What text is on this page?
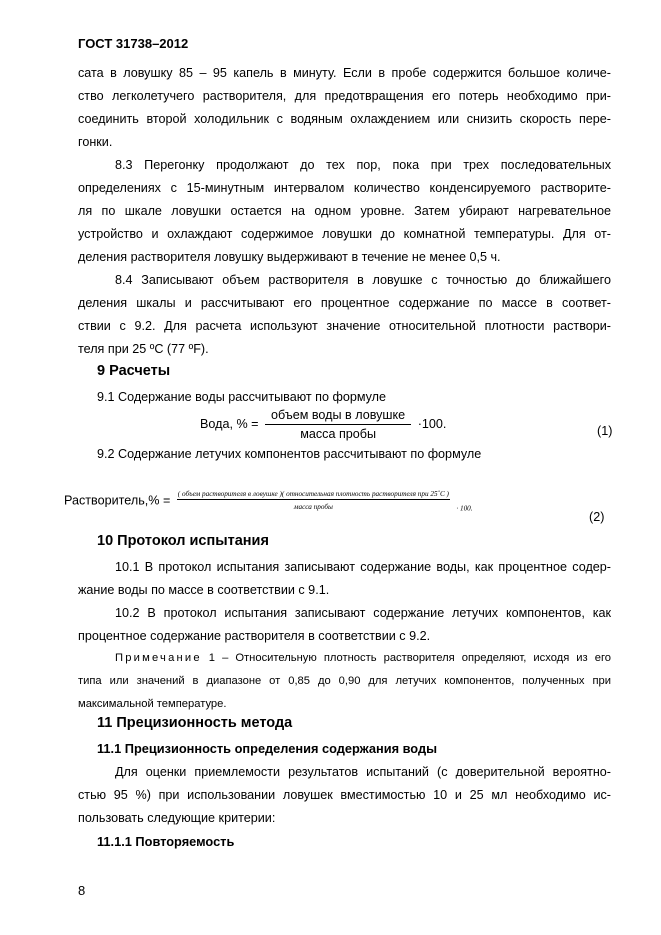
ГОСТ 31738–2012
сата в ловушку 85 – 95 капель в минуту. Если в пробе содержится большое количе-
ство легколетучего растворителя, для предотвращения его потерь необходимо при-
соединить второй холодильник с водяным охлаждением или снизить скорость пере-
гонки.
8.3 Перегонку продолжают до тех пор, пока при трех последовательных
определениях с 15-минутным интервалом количество конденсируемого растворите-
ля по шкале ловушки остается на одном уровне. Затем убирают нагревательное
устройство и охлаждают содержимое ловушки до комнатной температуры. Для от-
деления растворителя ловушку выдерживают в течение не менее 0,5 ч.
8.4 Записывают объем растворителя в ловушке с точностью до ближайшего
деления шкалы и рассчитывают его процентное содержание по массе в соответ-
ствии с 9.2. Для расчета используют значение относительной плотности раствори-
теля при 25 ºC (77 ºF).
9 Расчеты
9.1 Содержание воды рассчитывают по формуле
Вода, % = $\frac{\text{объем воды в ловушке}}{\text{масса пробы}} \cdot 100$.
(1)
9.2 Содержание летучих компонентов рассчитывают по формуле
Растворитель,% = ( объем растворителя в ловушке )( относительная плотность растворителя при 25˚С )
масса пробы	$_{\cdot 100.}$
(2)
10 Протокол испытания
10.1 В протокол испытания записывают содержание воды, как процентное содер-
жание воды по массе в соответствии с 9.1.
10.2 В протокол испытания записывают содержание летучих компонентов, как
процентное содержание растворителя в соответствии с 9.2.
Примечание 1 – Относительную плотность растворителя определяют, исходя из его
типа или значений в диапазоне от 0,85 до 0,90 для летучих компонентов, полученных при
максимальной температуре.
11 Прецизионность метода
11.1 Прецизионность определения содержания воды
Для оценки приемлемости результатов испытаний (с доверительной вероятно-
стью 95 %) при использовании ловушек вместимостью 10 и 25 мл необходимо ис-
пользовать следующие критерии:
11.1.1 Повторяемость
8
